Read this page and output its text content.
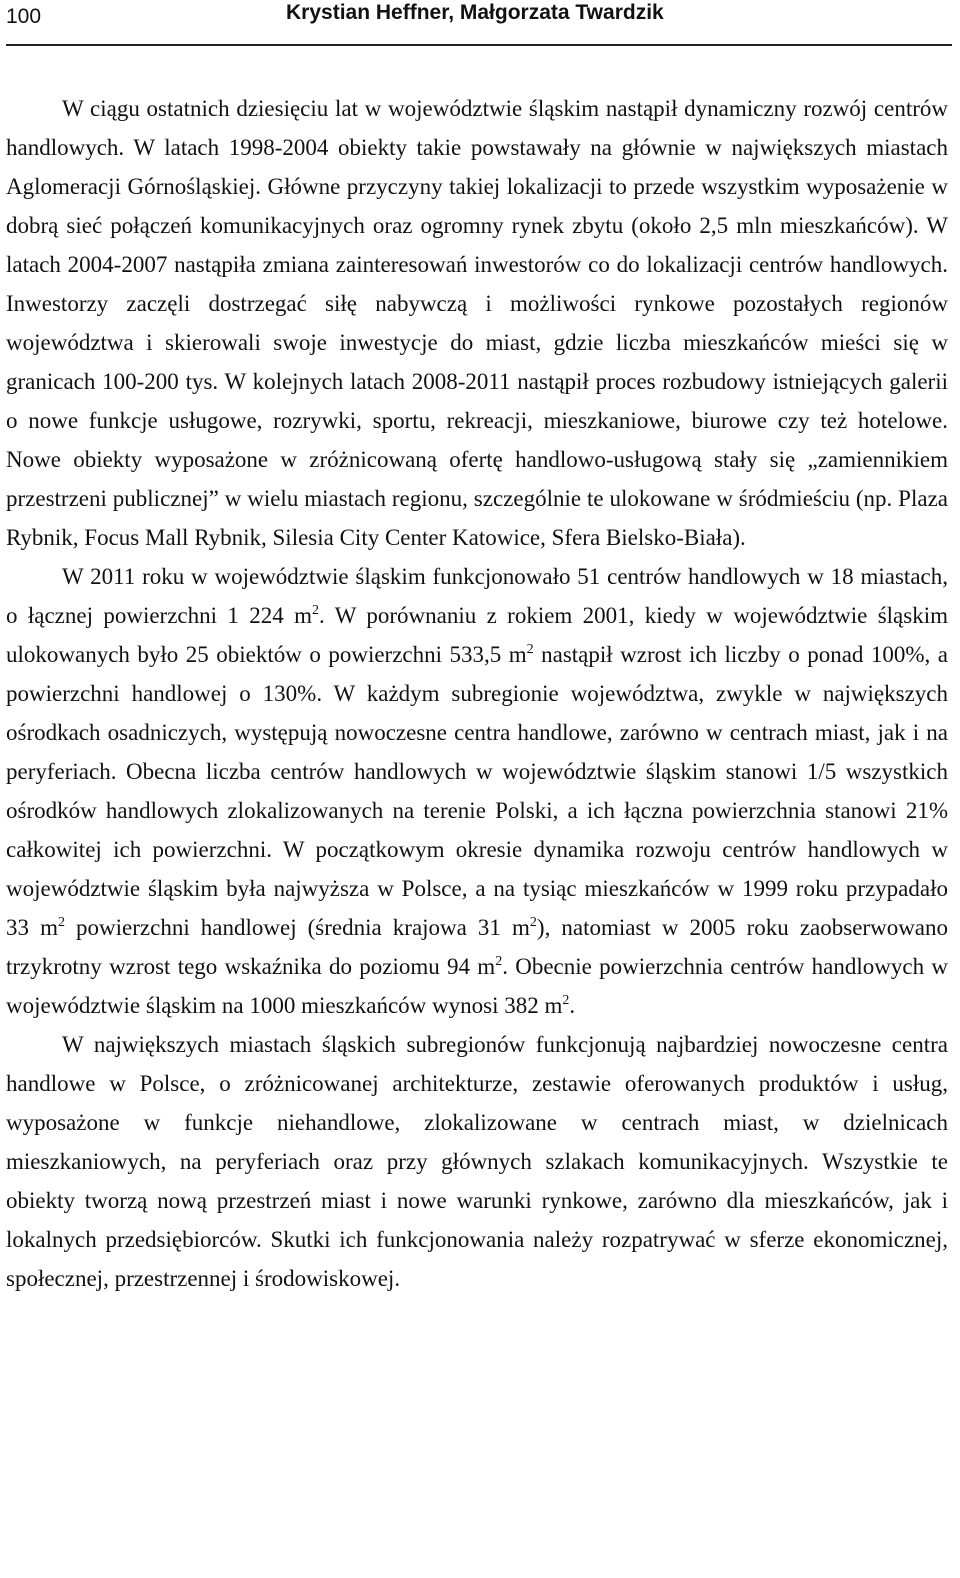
100	Krystian Heffner, Małgorzata Twardzik

W ciągu ostatnich dziesięciu lat w województwie śląskim nastąpił dynamiczny rozwój centrów handlowych. W latach 1998-2004 obiekty takie powstawały na głównie w największych miastach Aglomeracji Górnośląskiej. Główne przyczyny takiej lokalizacji to przede wszystkim wyposażenie w dobrą sieć połączeń komunikacyjnych oraz ogromny rynek zbytu (około 2,5 mln mieszkańców). W latach 2004-2007 nastąpiła zmiana zainteresowań inwestorów co do lokalizacji centrów handlowych. Inwestorzy zaczęli dostrzegać siłę nabywczą i możliwości rynkowe pozostałych regionów województwa i skierowali swoje inwestycje do miast, gdzie liczba mieszkańców mieści się w granicach 100-200 tys. W kolejnych latach 2008-2011 nastąpił proces rozbudowy istniejących galerii o nowe funkcje usługowe, rozrywki, sportu, rekreacji, mieszkaniowe, biurowe czy też hotelowe. Nowe obiekty wyposażone w zróżnicowaną ofertę handlowo-usługową stały się „zamiennikiem przestrzeni publicznej” w wielu miastach regionu, szczególnie te ulokowane w śródmieściu (np. Plaza Rybnik, Focus Mall Rybnik, Silesia City Center Katowice, Sfera Bielsko-Biała).

W 2011 roku w województwie śląskim funkcjonowało 51 centrów handlowych w 18 miastach, o łącznej powierzchni 1 224 $m^2$. W porównaniu z rokiem 2001, kiedy w województwie śląskim ulokowanych było 25 obiektów o powierzchni 533,5 $m^2$ nastąpił wzrost ich liczby o ponad 100%, a powierzchni handlowej o 130%. W każdym subregionie województwa, zwykle w największych ośrodkach osadniczych, występują nowoczesne centra handlowe, zarówno w centrach miast, jak i na peryferiach. Obecna liczba centrów handlowych w województwie śląskim stanowi 1/5 wszystkich ośrodków handlowych zlokalizowanych na terenie Polski, a ich łączna powierzchnia stanowi 21% całkowitej ich powierzchni. W początkowym okresie dynamika rozwoju centrów handlowych w województwie śląskim była najwyższa w Polsce, a na tysiąc mieszkańców w 1999 roku przypadało 33 $m^2$ powierzchni handlowej (średnia krajowa 31 $m^2$), natomiast w 2005 roku zaobserwowano trzykrotny wzrost tego wskaźnika do poziomu 94 $m^2$. Obecnie powierzchnia centrów handlowych w województwie śląskim na 1000 mieszkańców wynosi 382 $m^2$.

W największych miastach śląskich subregionów funkcjonują najbardziej nowoczesne centra handlowe w Polsce, o zróżnicowanej architekturze, zestawie oferowanych produktów i usług, wyposażone w funkcje niehandlowe, zlokalizowane w centrach miast, w dzielnicach mieszkaniowych, na peryferiach oraz przy głównych szlakach komunikacyjnych. Wszystkie te obiekty tworzą nową przestrzeń miast i nowe warunki rynkowe, zarówno dla mieszkańców, jak i lokalnych przedsiębiorców. Skutki ich funkcjonowania należy rozpatrywać w sferze ekonomicznej, społecznej, przestrzennej i środowiskowej.
